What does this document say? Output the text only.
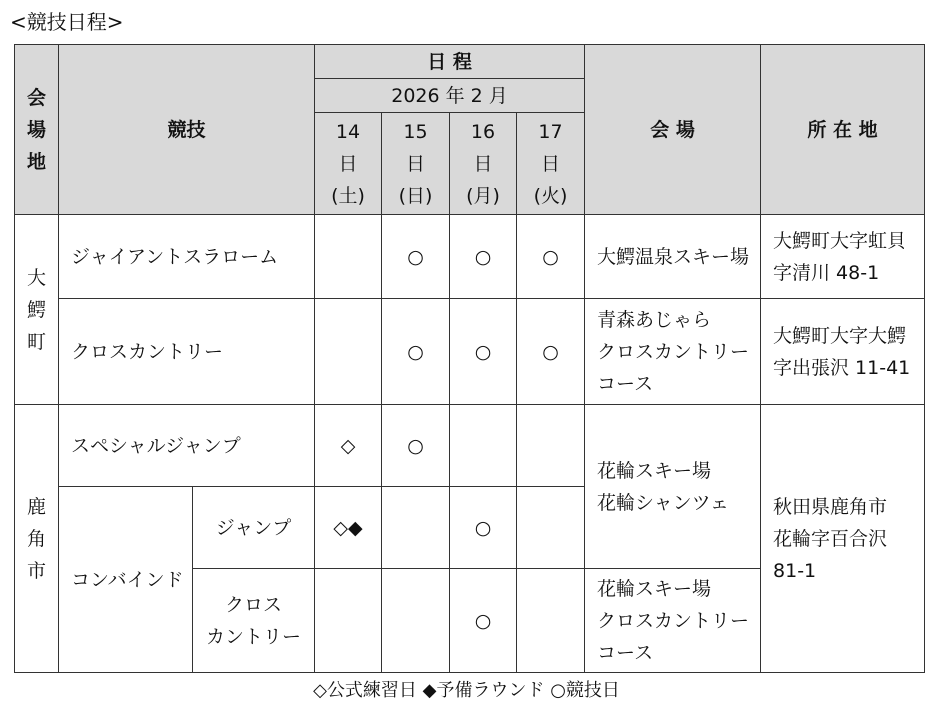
<競技日程>
会
場
地	競技		日 程				会 場	所 在 地
			2026 年 2 月					

			14
日
(土)	15
日
(日)	16
日
(月)	17
日
(火)		

大
鰐
町	ジャイアントスラローム			○	○	○	大鰐温泉スキー場	大鰐町大字虹貝
字清川 48-1

	クロスカントリー			○	○	○	青森あじゃら
クロスカントリー
コース	大鰐町大字大鰐
字出張沢 11-41

鹿
角
市	スペシャルジャンプ		◇	○			花輪スキー場
花輪シャンツェ	秋田県鹿角市
花輪字百合沢
81-1

	コンバインド	ジャンプ	◇◆		○			

		クロス
カントリー			○		花輪スキー場
クロスカントリー
コース	
◇公式練習日 ◆予備ラウンド ○競技日
